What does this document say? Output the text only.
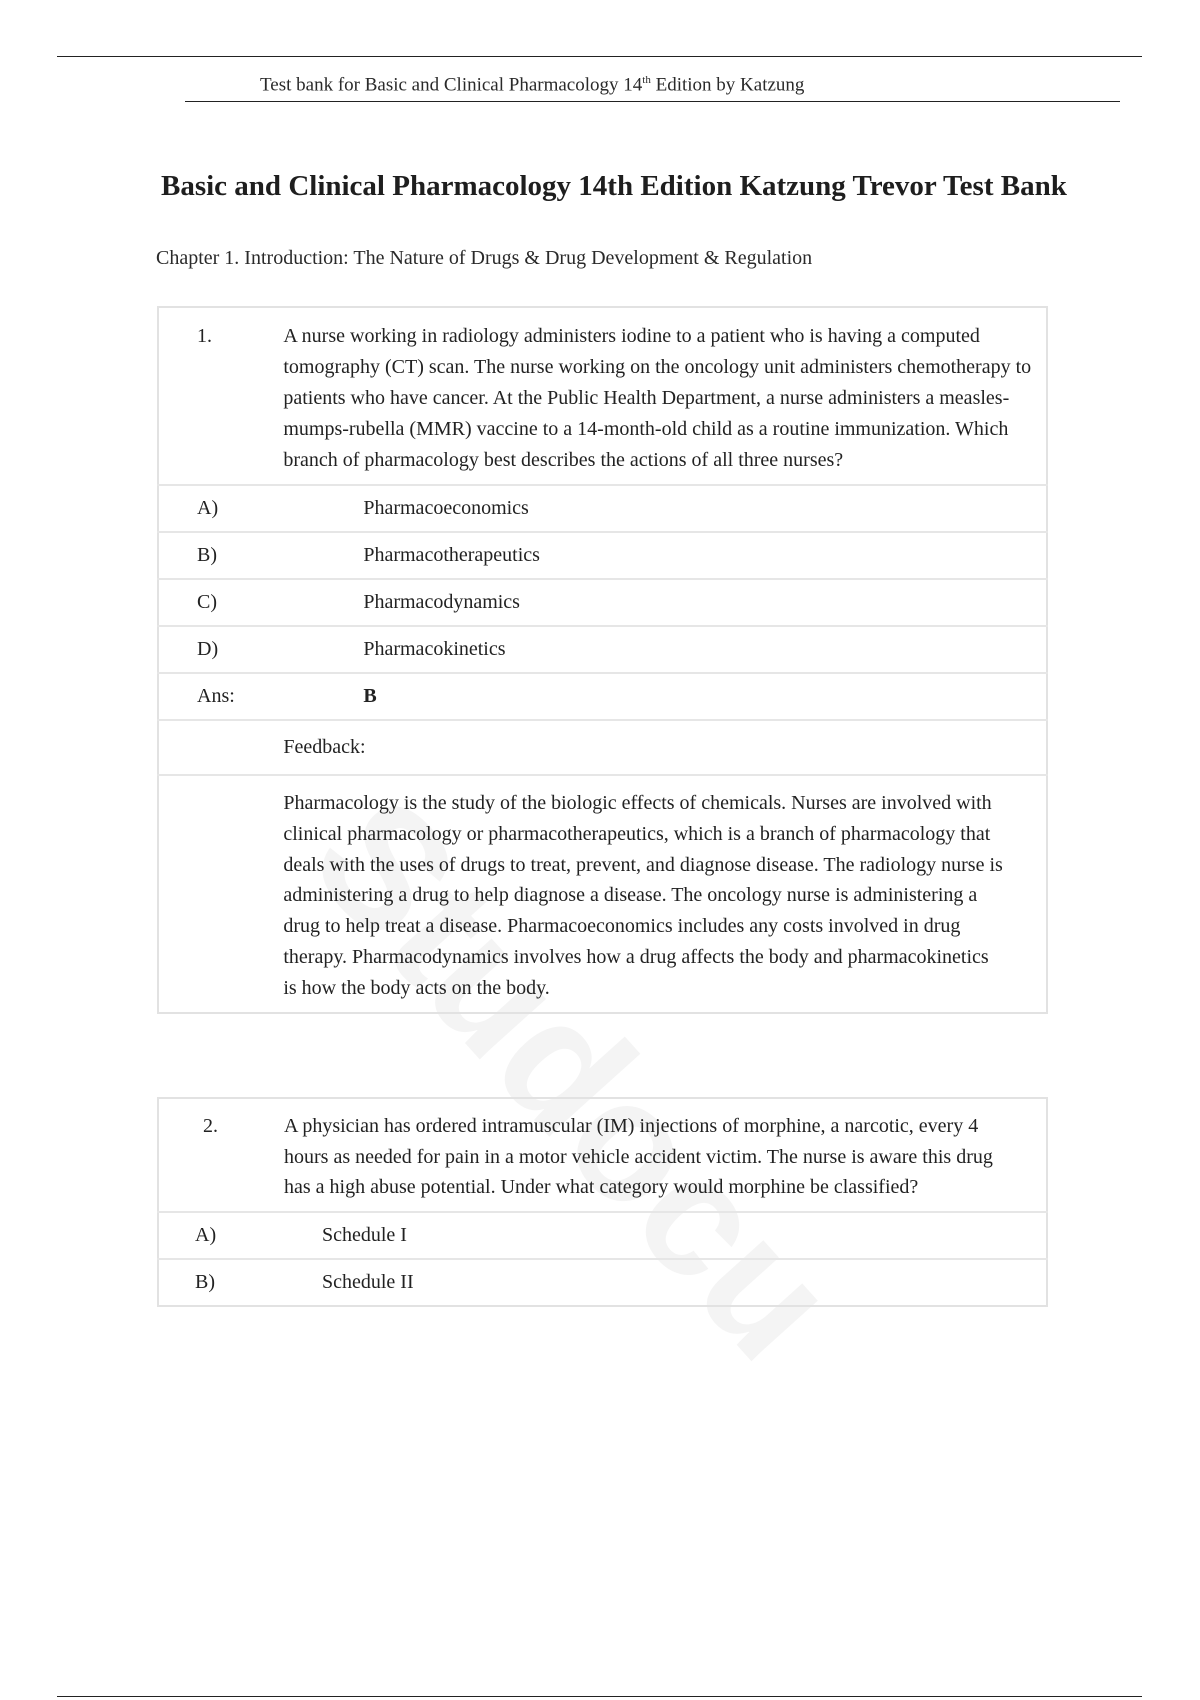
Test bank for Basic and Clinical Pharmacology 14th Edition by Katzung
Basic and Clinical Pharmacology 14th Edition Katzung Trevor Test Bank
Chapter 1. Introduction: The Nature of Drugs & Drug Development & Regulation
1.	A nurse working in radiology administers iodine to a patient who is having a computed tomography (CT) scan. The nurse working on the oncology unit administers chemotherapy to patients who have cancer. At the Public Health Department, a nurse administers a measles-mumps-rubella (MMR) vaccine to a 14-month-old child as a routine immunization. Which branch of pharmacology best describes the actions of all three nurses?
A)	Pharmacoeconomics
B)	Pharmacotherapeutics
C)	Pharmacodynamics
D)	Pharmacokinetics
Ans:	B
	Feedback:
	Pharmacology is the study of the biologic effects of chemicals. Nurses are involved with clinical pharmacology or pharmacotherapeutics, which is a branch of pharmacology that deals with the uses of drugs to treat, prevent, and diagnose disease. The radiology nurse is administering a drug to help diagnose a disease. The oncology nurse is administering a drug to help treat a disease. Pharmacoeconomics includes any costs involved in drug therapy. Pharmacodynamics involves how a drug affects the body and pharmacokinetics is how the body acts on the body.
2.	A physician has ordered intramuscular (IM) injections of morphine, a narcotic, every 4 hours as needed for pain in a motor vehicle accident victim. The nurse is aware this drug has a high abuse potential. Under what category would morphine be classified?
A)	Schedule I
B)	Schedule II
